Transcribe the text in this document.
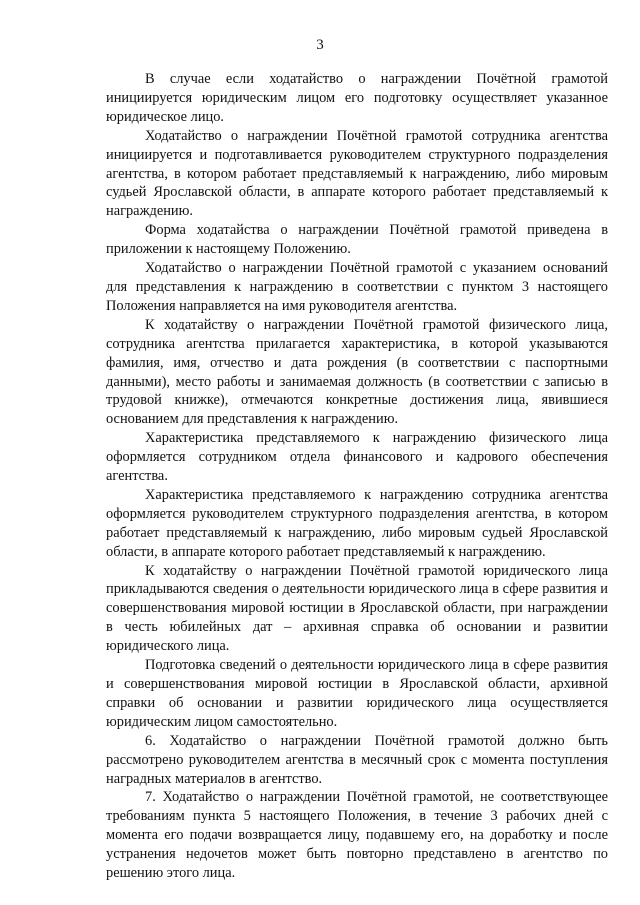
3

В случае если ходатайство о награждении Почётной грамотой инициируется юридическим лицом его подготовку осуществляет указанное юридическое лицо.

Ходатайство о награждении Почётной грамотой сотрудника агентства инициируется и подготавливается руководителем структурного подразделения агентства, в котором работает представляемый к награждению, либо мировым судьей Ярославской области, в аппарате которого работает представляемый к награждению.

Форма ходатайства о награждении Почётной грамотой приведена в приложении к настоящему Положению.

Ходатайство о награждении Почётной грамотой с указанием оснований для представления к награждению в соответствии с пунктом 3 настоящего Положения направляется на имя руководителя агентства.

К ходатайству о награждении Почётной грамотой физического лица, сотрудника агентства прилагается характеристика, в которой указываются фамилия, имя, отчество и дата рождения (в соответствии с паспортными данными), место работы и занимаемая должность (в соответствии с записью в трудовой книжке), отмечаются конкретные достижения лица, явившиеся основанием для представления к награждению.

Характеристика представляемого к награждению физического лица оформляется сотрудником отдела финансового и кадрового обеспечения агентства.

Характеристика представляемого к награждению сотрудника агентства оформляется руководителем структурного подразделения агентства, в котором работает представляемый к награждению, либо мировым судьей Ярославской области, в аппарате которого работает представляемый к награждению.

К ходатайству о награждении Почётной грамотой юридического лица прикладываются сведения о деятельности юридического лица в сфере развития и совершенствования мировой юстиции в Ярославской области, при награждении в честь юбилейных дат – архивная справка об основании и развитии юридического лица.

Подготовка сведений о деятельности юридического лица в сфере развития и совершенствования мировой юстиции в Ярославской области, архивной справки об основании и развитии юридического лица осуществляется юридическим лицом самостоятельно.

6. Ходатайство о награждении Почётной грамотой должно быть рассмотрено руководителем агентства в месячный срок с момента поступления наградных материалов в агентство.

7. Ходатайство о награждении Почётной грамотой, не соответствующее требованиям пункта 5 настоящего Положения, в течение 3 рабочих дней с момента его подачи возвращается лицу, подавшему его, на доработку и после устранения недочетов может быть повторно представлено в агентство по решению этого лица.
